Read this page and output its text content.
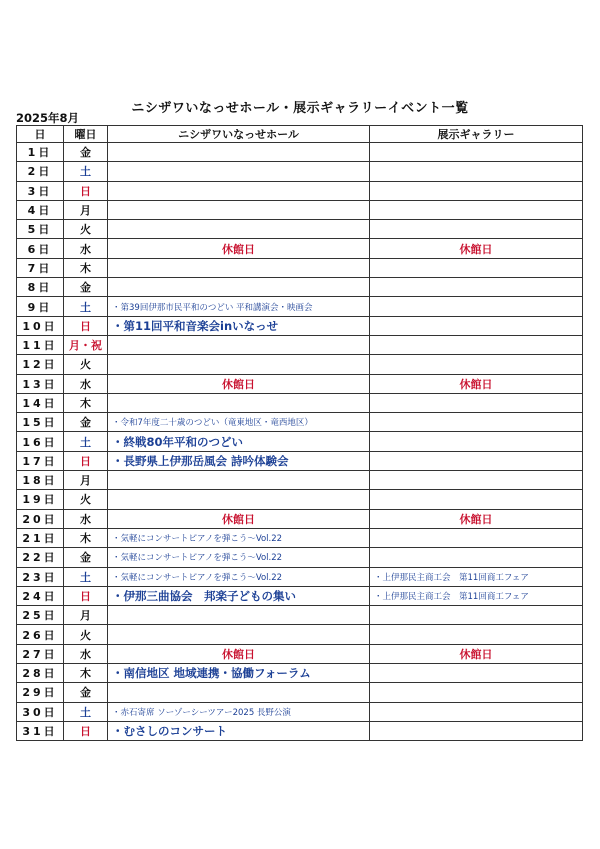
ニシザワいなっせホール・展示ギャラリーイベント一覧
2025年8月
日	曜日	ニシザワいなっせホール	展示ギャラリー
1日	金		
2日	土		
3日	日		
4日	月		
5日	火		
6日	水	休館日	休館日
7日	木		
8日	金		
9日	土	・第39回伊那市民平和のつどい 平和講演会・映画会	
10日	日	・第11回平和音楽会inいなっせ	
11日	月・祝		
12日	火		
13日	水	休館日	休館日
14日	木		
15日	金	・令和7年度二十歳のつどい（竜東地区・竜西地区）	
16日	土	・終戦80年平和のつどい	
17日	日	・長野県上伊那岳風会 詩吟体験会	
18日	月		
19日	火		
20日	水	休館日	休館日
21日	木	・気軽にコンサートピアノを弾こう～Vol.22	
22日	金	・気軽にコンサートピアノを弾こう～Vol.22	
23日	土	・気軽にコンサートピアノを弾こう～Vol.22	・上伊那民主商工会　第11回商工フェア
24日	日	・伊那三曲協会　邦楽子どもの集い	・上伊那民主商工会　第11回商工フェア
25日	月		
26日	火		
27日	水	休館日	休館日
28日	木	・南信地区 地域連携・協働フォーラム	
29日	金		
30日	土	・赤石寄席 ソーゾーシーツアー2025 長野公演	
31日	日	・むさしのコンサート	
